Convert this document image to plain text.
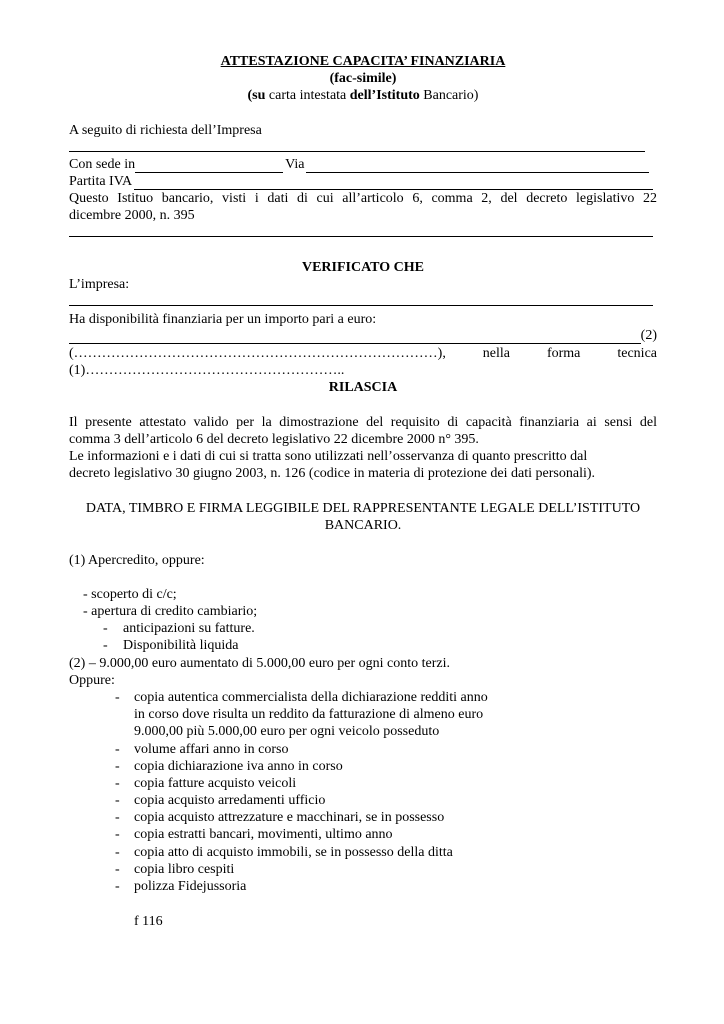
ATTESTAZIONE CAPACITA’ FINANZIARIA
(fac-simile)
(su carta intestata dell’Istituto Bancario)
A seguito di richiesta dell’Impresa
Con sede in	Via
Partita IVA
Questo Istituo bancario, visti i dati di cui all’articolo 6, comma 2, del decreto legislativo 22
dicembre 2000, n. 395
VERIFICATO CHE
L’impresa:
Ha disponibilità finanziaria per un importo pari a euro:
(2)
(……………………………………………………………………), nella forma tecnica
(1)………………………………………………..
RILASCIA
Il presente attestato valido per la dimostrazione del requisito di capacità finanziaria ai sensi del
comma 3 dell’articolo 6 del decreto legislativo 22 dicembre 2000 n° 395.
Le informazioni e i dati di cui si tratta sono utilizzati nell’osservanza di quanto prescritto dal
decreto legislativo 30 giugno 2003, n. 126 (codice in materia di protezione dei dati personali).
DATA, TIMBRO E FIRMA LEGGIBILE DEL RAPPRESENTANTE LEGALE DELL’ISTITUTO
BANCARIO.
(1) Apercredito, oppure:
- scoperto di c/c;
- apertura di credito cambiario;
-	anticipazioni su fatture.
-	Disponibilità liquida
(2) – 9.000,00 euro aumentato di 5.000,00 euro per ogni conto terzi.
Oppure:
- copia autentica commercialista della dichiarazione redditi anno
in corso dove risulta un reddito da fatturazione di almeno euro
9.000,00 più 5.000,00 euro per ogni veicolo posseduto
- volume affari anno in corso
- copia dichiarazione iva anno in corso
- copia fatture acquisto veicoli
- copia acquisto arredamenti ufficio
- copia acquisto attrezzature e macchinari, se in possesso
- copia estratti bancari, movimenti, ultimo anno
- copia atto di acquisto immobili, se in possesso della ditta
- copia libro cespiti
- polizza Fidejussoria
f 116
